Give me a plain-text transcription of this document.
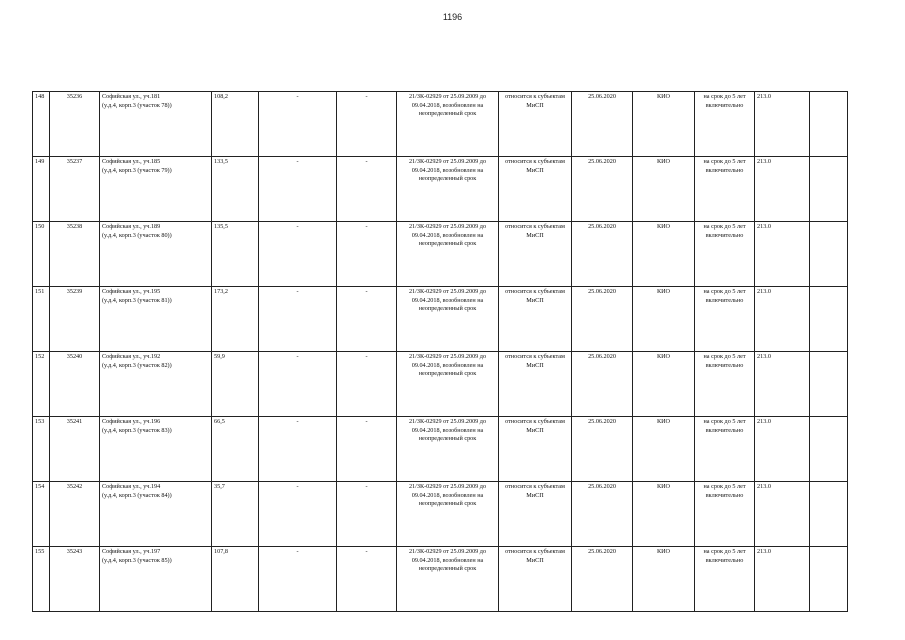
1196
148	35236	Софийская ул., уч.181
(у.д.4, корп.3 (участок 78))	108,2	-	-	21/ЗК-02929 от 25.09.2009 до 09.04.2018, возобновлен на неопределенный срок	относится к субъектам МиСП	25.06.2020	КИО	на срок до 5 лет включительно	213.0	
149	35237	Софийская ул., уч.185
(у.д.4, корп.3 (участок 79))	133,5	-	-	21/ЗК-02929 от 25.09.2009 до 09.04.2018, возобновлен на неопределенный срок	относится к субъектам МиСП	25.06.2020	КИО	на срок до 5 лет включительно	213.0	
150	35238	Софийская ул., уч.189
(у.д.4, корп.3 (участок 80))	135,5	-	-	21/ЗК-02929 от 25.09.2009 до 09.04.2018, возобновлен на неопределенный срок	относится к субъектам МиСП	25.06.2020	КИО	на срок до 5 лет включительно	213.0	
151	35239	Софийская ул., уч.195
(у.д.4, корп.3 (участок 81))	173,2	-	-	21/ЗК-02929 от 25.09.2009 до 09.04.2018, возобновлен на неопределенный срок	относится к субъектам МиСП	25.06.2020	КИО	на срок до 5 лет включительно	213.0	
152	35240	Софийская ул., уч.192
(у.д.4, корп.3 (участок 82))	59,9	-	-	21/ЗК-02929 от 25.09.2009 до 09.04.2018, возобновлен на неопределенный срок	относится к субъектам МиСП	25.06.2020	КИО	на срок до 5 лет включительно	213.0	
153	35241	Софийская ул., уч.196
(у.д.4, корп.3 (участок 83))	66,5	-	-	21/ЗК-02929 от 25.09.2009 до 09.04.2018, возобновлен на неопределенный срок	относится к субъектам МиСП	25.06.2020	КИО	на срок до 5 лет включительно	213.0	
154	35242	Софийская ул., уч.194
(у.д.4, корп.3 (участок 84))	35,7	-	-	21/ЗК-02929 от 25.09.2009 до 09.04.2018, возобновлен на неопределенный срок	относится к субъектам МиСП	25.06.2020	КИО	на срок до 5 лет включительно	213.0	
155	35243	Софийская ул., уч.197
(у.д.4, корп.3 (участок 85))	107,8	-	-	21/ЗК-02929 от 25.09.2009 до 09.04.2018, возобновлен на неопределенный срок	относится к субъектам МиСП	25.06.2020	КИО	на срок до 5 лет включительно	213.0	
